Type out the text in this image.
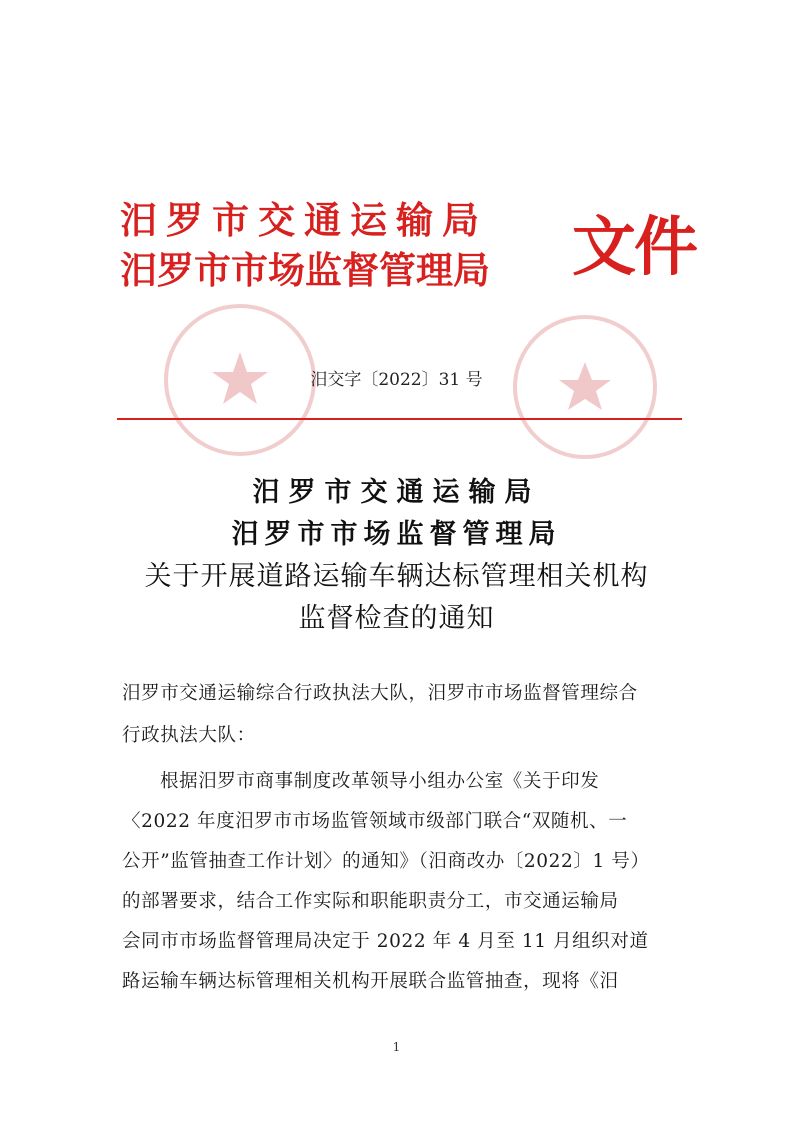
汨罗市交通运输局
汨罗市市场监督管理局	文件
汨交字〔2022〕31 号
汨罗市交通运输局
汨罗市市场监督管理局
关于开展道路运输车辆达标管理相关机构
监督检查的通知
汨罗市交通运输综合行政执法大队，汨罗市市场监督管理综合
行政执法大队：
根据汨罗市商事制度改革领导小组办公室《关于印发
〈2022 年度汨罗市市场监管领域市级部门联合“双随机、一
公开”监管抽查工作计划〉的通知》（汨商改办〔2022〕1 号）
的部署要求，结合工作实际和职能职责分工，市交通运输局
会同市市场监督管理局决定于 2022 年 4 月至 11 月组织对道
路运输车辆达标管理相关机构开展联合监管抽查，现将《汨
1
